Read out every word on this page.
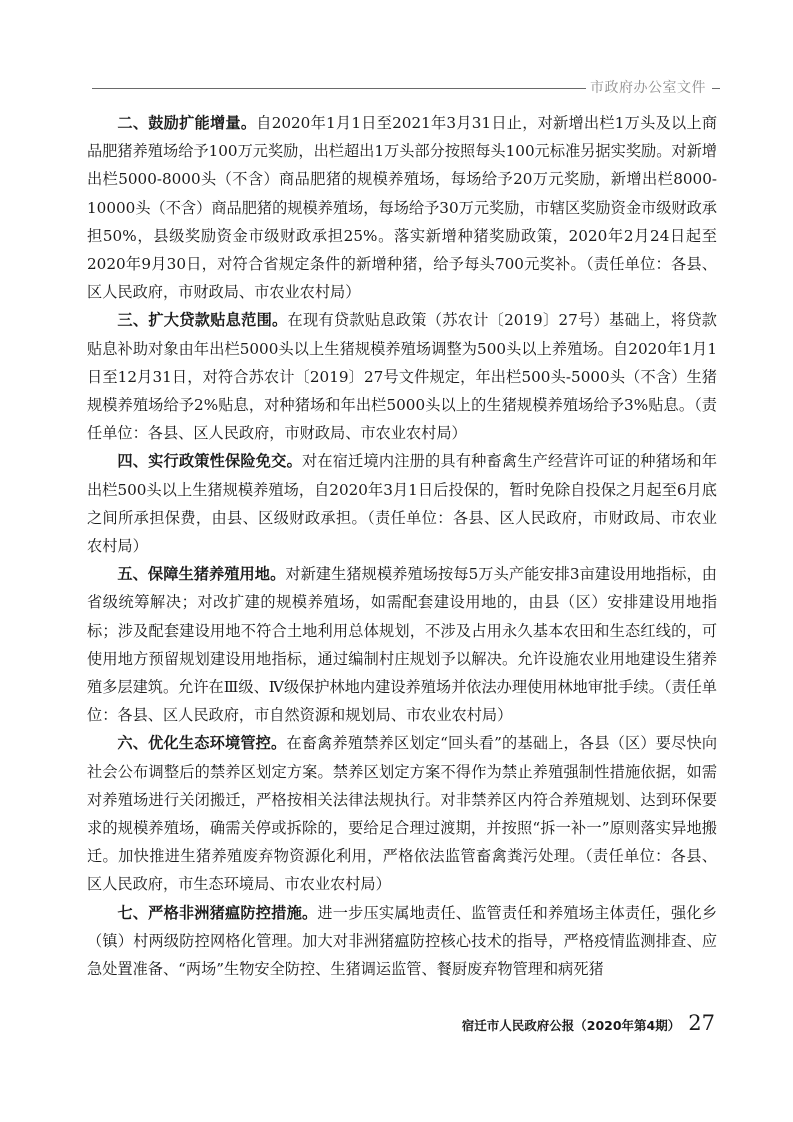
市政府办公室文件

二、鼓励扩能增量。自2020年1月1日至2021年3月31日止，对新增出栏1万头及以上商品肥猪养殖场给予100万元奖励，出栏超出1万头部分按照每头100元标准另据实奖励。对新增出栏5000-8000头（不含）商品肥猪的规模养殖场，每场给予20万元奖励，新增出栏8000-10000头（不含）商品肥猪的规模养殖场，每场给予30万元奖励，市辖区奖励资金市级财政承担50%，县级奖励资金市级财政承担25%。落实新增种猪奖励政策，2020年2月24日起至2020年9月30日，对符合省规定条件的新增种猪，给予每头700元奖补。（责任单位：各县、区人民政府，市财政局、市农业农村局）

三、扩大贷款贴息范围。在现有贷款贴息政策（苏农计〔2019〕27号）基础上，将贷款贴息补助对象由年出栏5000头以上生猪规模养殖场调整为500头以上养殖场。自2020年1月1日至12月31日，对符合苏农计〔2019〕27号文件规定，年出栏500头-5000头（不含）生猪规模养殖场给予2%贴息，对种猪场和年出栏5000头以上的生猪规模养殖场给予3%贴息。（责任单位：各县、区人民政府，市财政局、市农业农村局）

四、实行政策性保险免交。对在宿迁境内注册的具有种畜禽生产经营许可证的种猪场和年出栏500头以上生猪规模养殖场，自2020年3月1日后投保的，暂时免除自投保之月起至6月底之间所承担保费，由县、区级财政承担。（责任单位：各县、区人民政府，市财政局、市农业农村局）

五、保障生猪养殖用地。对新建生猪规模养殖场按每5万头产能安排3亩建设用地指标，由省级统筹解决；对改扩建的规模养殖场，如需配套建设用地的，由县（区）安排建设用地指标；涉及配套建设用地不符合土地利用总体规划，不涉及占用永久基本农田和生态红线的，可使用地方预留规划建设用地指标，通过编制村庄规划予以解决。允许设施农业用地建设生猪养殖多层建筑。允许在Ⅲ级、Ⅳ级保护林地内建设养殖场并依法办理使用林地审批手续。（责任单位：各县、区人民政府，市自然资源和规划局、市农业农村局）

六、优化生态环境管控。在畜禽养殖禁养区划定“回头看”的基础上，各县（区）要尽快向社会公布调整后的禁养区划定方案。禁养区划定方案不得作为禁止养殖强制性措施依据，如需对养殖场进行关闭搬迁，严格按相关法律法规执行。对非禁养区内符合养殖规划、达到环保要求的规模养殖场，确需关停或拆除的，要给足合理过渡期，并按照“拆一补一”原则落实异地搬迁。加快推进生猪养殖废弃物资源化利用，严格依法监管畜禽粪污处理。（责任单位：各县、区人民政府，市生态环境局、市农业农村局）

七、严格非洲猪瘟防控措施。进一步压实属地责任、监管责任和养殖场主体责任，强化乡（镇）村两级防控网格化管理。加大对非洲猪瘟防控核心技术的指导，严格疫情监测排查、应急处置准备、“两场”生物安全防控、生猪调运监管、餐厨废弃物管理和病死猪

宿迁市人民政府公报（2020年第4期） 27
